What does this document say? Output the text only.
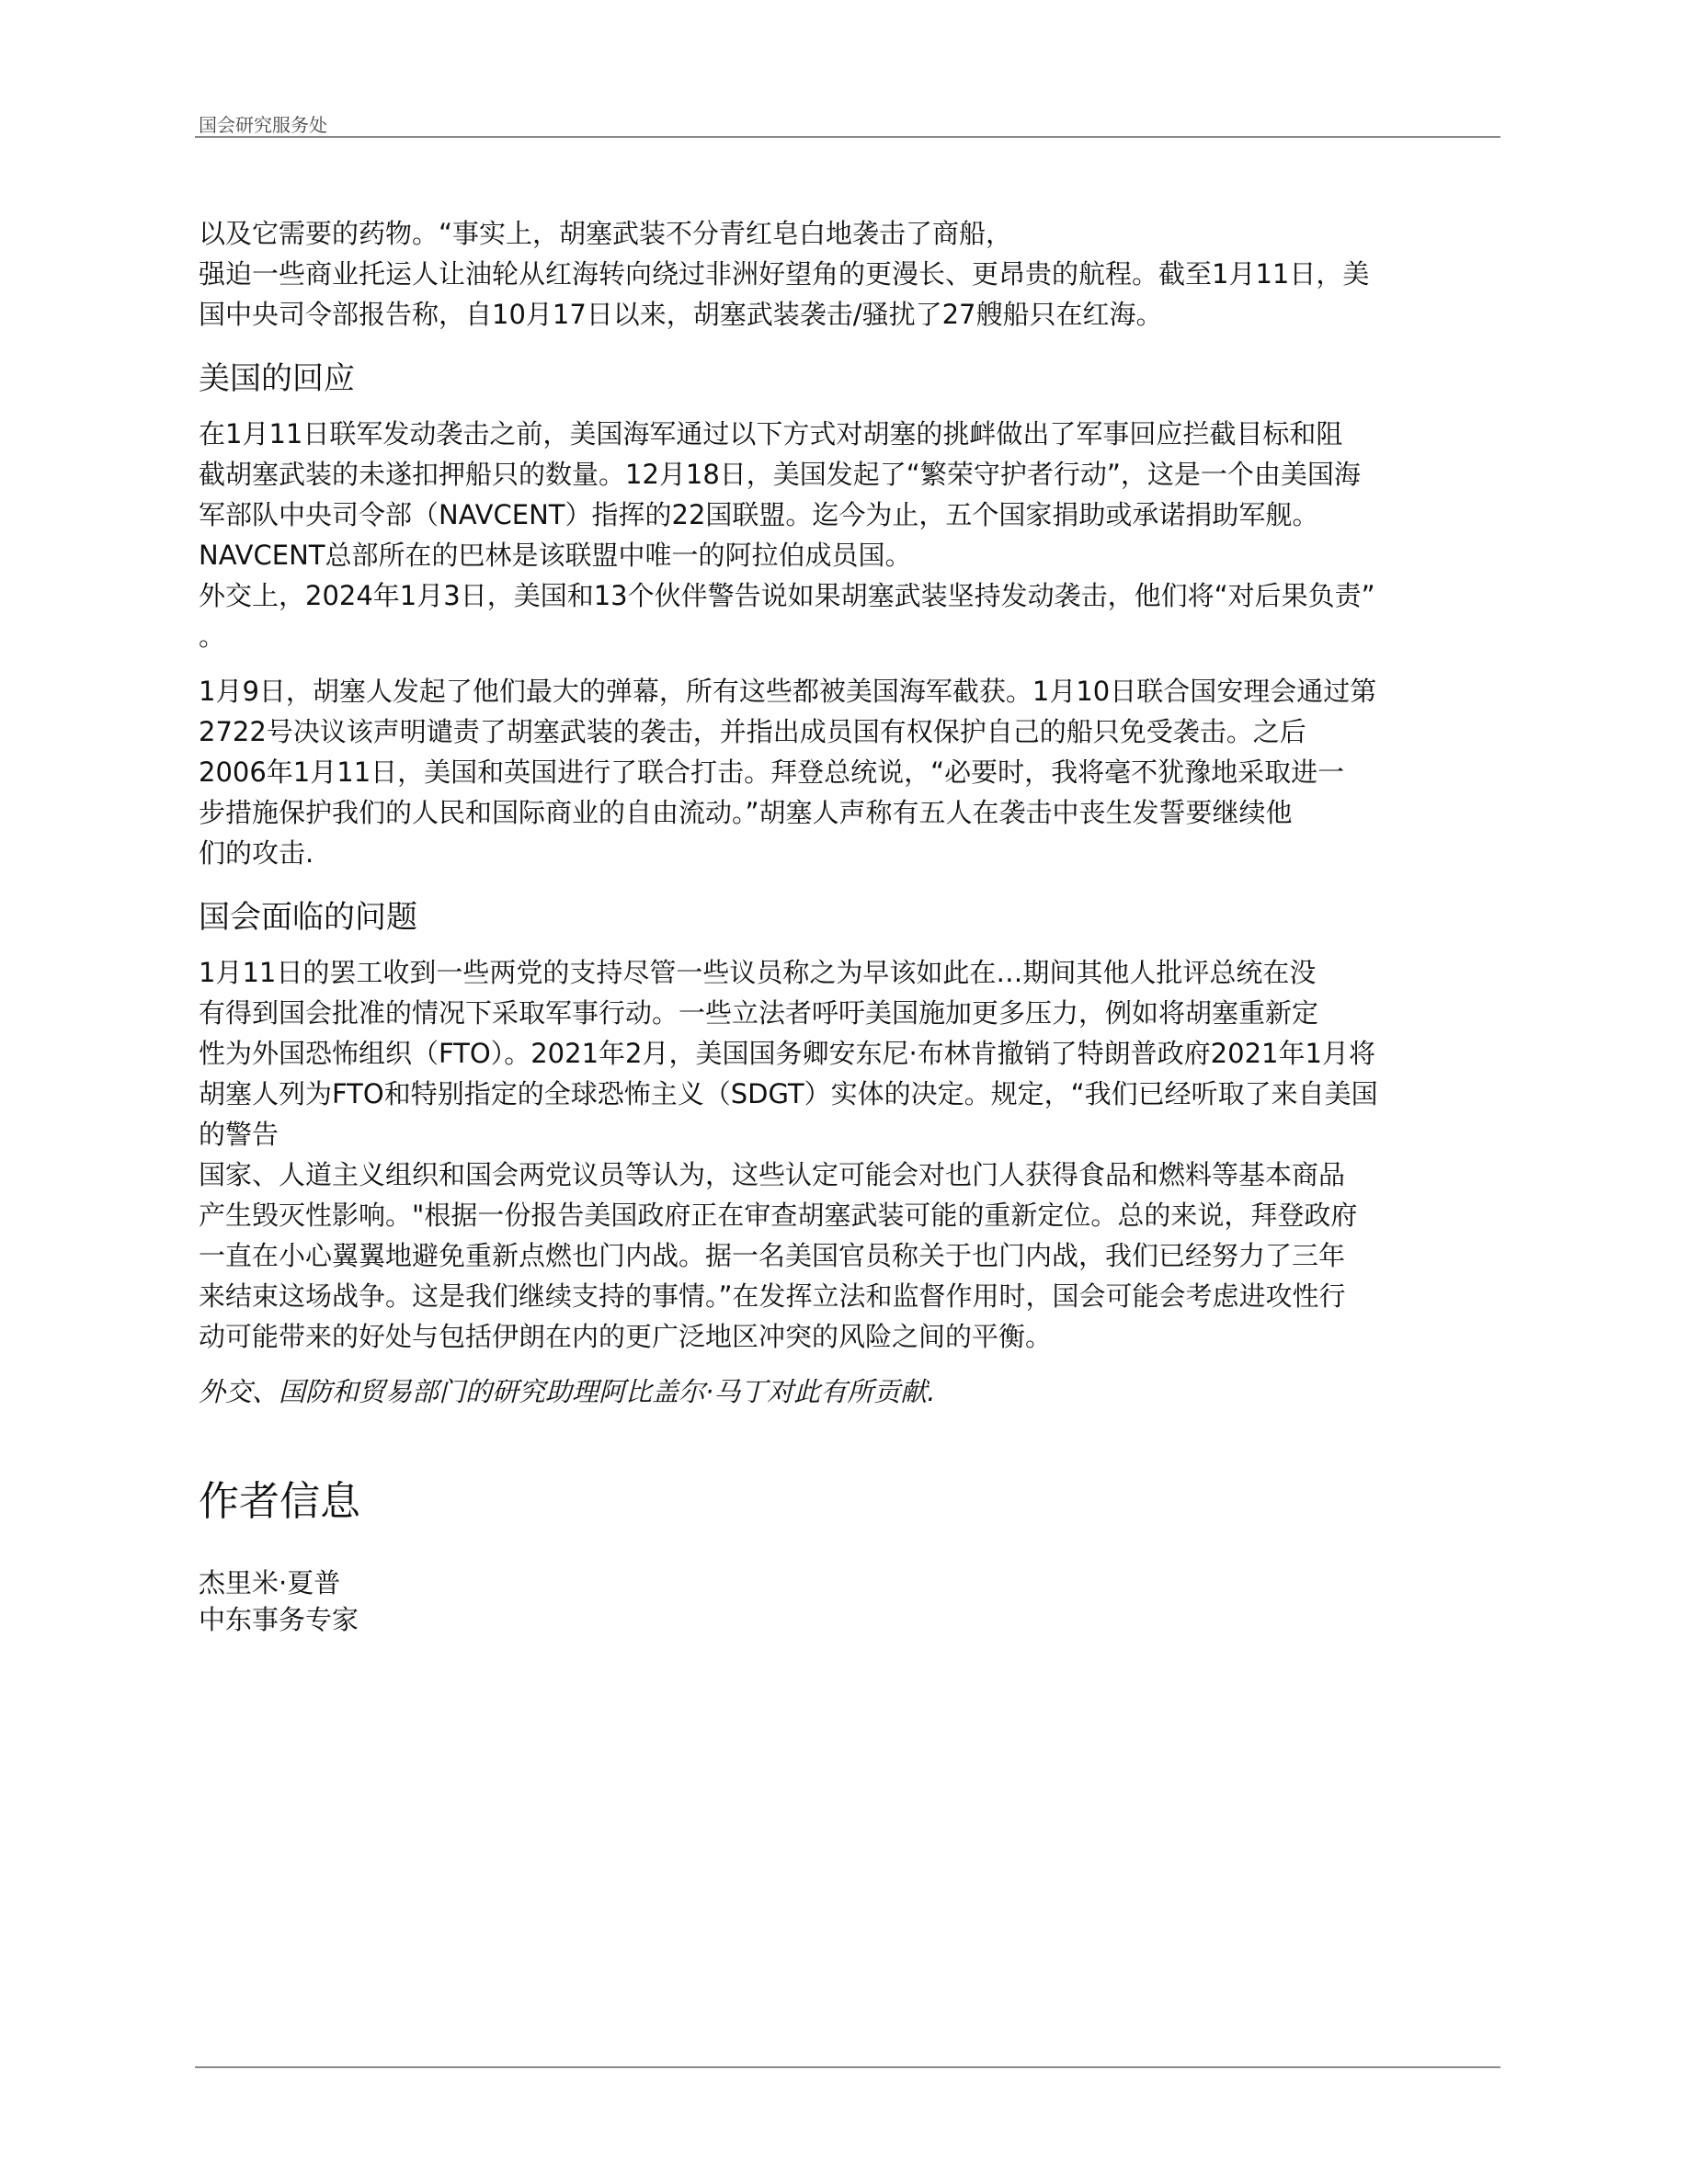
国会研究服务处

以及它需要的药物。“事实上，胡塞武装不分青红皂白地袭击了商船，

强迫一些商业托运人让油轮从红海转向绕过非洲好望角的更漫长、更昂贵的航程。截至1月11日，美

国中央司令部报告称，自10月17日以来，胡塞武装袭击/骚扰了27艘船只在红海。

美国的回应

在1月11日联军发动袭击之前，美国海军通过以下方式对胡塞的挑衅做出了军事回应拦截目标和阻

截胡塞武装的未遂扣押船只的数量。12月18日，美国发起了“繁荣守护者行动”，这是一个由美国海

军部队中央司令部（NAVCENT）指挥的22国联盟。迄今为止，五个国家捐助或承诺捐助军舰。

NAVCENT总部所在的巴林是该联盟中唯一的阿拉伯成员国。

外交上，2024年1月3日，美国和13个伙伴警告说如果胡塞武装坚持发动袭击，他们将“对后果负责”

。

1月9日，胡塞人发起了他们最大的弹幕，所有这些都被美国海军截获。1月10日联合国安理会通过第

2722号决议该声明谴责了胡塞武装的袭击，并指出成员国有权保护自己的船只免受袭击。之后

2006年1月11日，美国和英国进行了联合打击。拜登总统说，“必要时，我将毫不犹豫地采取进一

步措施保护我们的人民和国际商业的自由流动。”胡塞人声称有五人在袭击中丧生发誓要继续他

们的攻击.

国会面临的问题

1月11日的罢工收到一些两党的支持尽管一些议员称之为早该如此在…期间其他人批评总统在没

有得到国会批准的情况下采取军事行动。一些立法者呼吁美国施加更多压力，例如将胡塞重新定

性为外国恐怖组织（FTO）。2021年2月，美国国务卿安东尼·布林肯撤销了特朗普政府2021年1月将

胡塞人列为FTO和特别指定的全球恐怖主义（SDGT）实体的决定。规定，“我们已经听取了来自美国

的警告

国家、人道主义组织和国会两党议员等认为，这些认定可能会对也门人获得食品和燃料等基本商品

产生毁灭性影响。"根据一份报告美国政府正在审查胡塞武装可能的重新定位。总的来说，拜登政府

一直在小心翼翼地避免重新点燃也门内战。据一名美国官员称关于也门内战，我们已经努力了三年

来结束这场战争。这是我们继续支持的事情。”在发挥立法和监督作用时，国会可能会考虑进攻性行

动可能带来的好处与包括伊朗在内的更广泛地区冲突的风险之间的平衡。

外交、国防和贸易部门的研究助理阿比盖尔·马丁对此有所贡献.

作者信息

杰里米·夏普

中东事务专家
